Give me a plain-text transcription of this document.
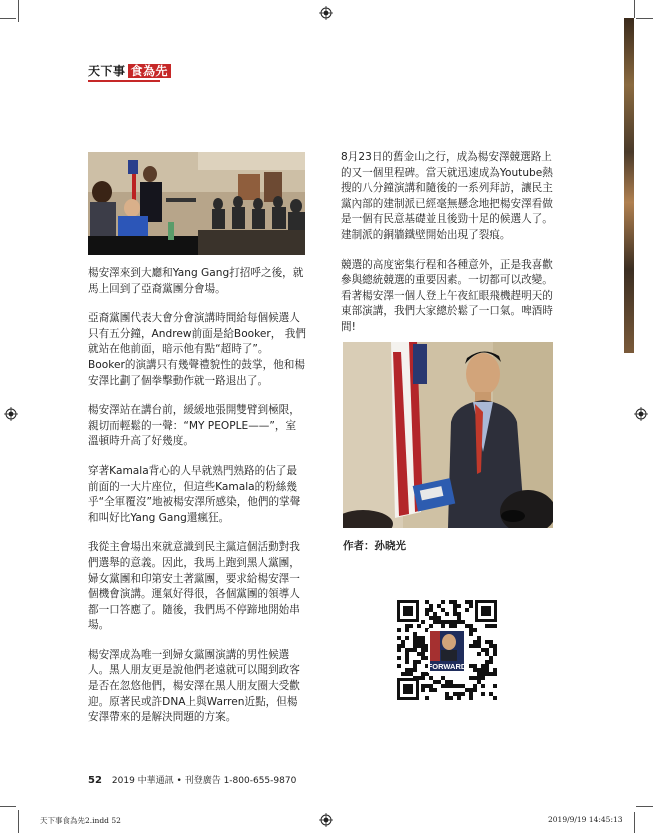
天下事 食為先

楊安澤來到大廳和Yang Gang打招呼之後，就馬上回到了亞裔黨團分會場。

亞裔黨團代表大會分會演講時間給每個候選人只有五分鐘，Andrew前面是給Booker， 我們就站在他前面，暗示他有點“超時了”。 Booker的演講只有幾聲禮貌性的鼓掌，他和楊安澤比劃了個拳擊動作就一路退出了。

楊安澤站在講台前，緩緩地張開雙臂到極限，親切而輕鬆的一聲：“MY PEOPLE——”，室溫頓時升高了好幾度。

穿著Kamala背心的人早就熟門熟路的佔了最前面的一大片座位，但這些Kamala的粉絲幾乎“全軍覆沒”地被楊安澤所感染，他們的掌聲和叫好比Yang Gang還瘋狂。

我從主會場出來就意識到民主黨這個活動對我們選舉的意義。因此，我馬上跑到黑人黨團，婦女黨團和印第安土著黨團，要求給楊安澤一個機會演講。運氣好得很，各個黨團的領導人都一口答應了。隨後，我們馬不停蹄地開始串場。

楊安澤成為唯一到婦女黨團演講的男性候選人。黑人朋友更是說他們老遠就可以聞到政客是否在忽悠他們，楊安澤在黑人朋友圈大受歡迎。原著民或許DNA上與Warren近點，但楊安澤帶來的是解決問題的方案。

8月23日的舊金山之行，成為楊安澤競選路上的又一個里程碑。當天就迅速成為Youtube熱搜的八分鐘演講和隨後的一系列拜訪，讓民主黨內部的建制派已經毫無懸念地把楊安澤看做是一個有民意基礎並且後勁十足的候選人了。建制派的銅牆鐵壁開始出現了裂痕。

競選的高度密集行程和各種意外，正是我喜歡參與總統競選的重要因素。一切都可以改變。看著楊安澤一個人登上午夜紅眼飛機趕明天的東部演講，我們大家總於鬆了一口氣。啤酒時間!

作者：孙晓光
FORWARD
52 2019 中華通訊 • 刊登廣告 1-800-655-9870
天下事食為先2.indd 52	2019/9/19 14:45:13
